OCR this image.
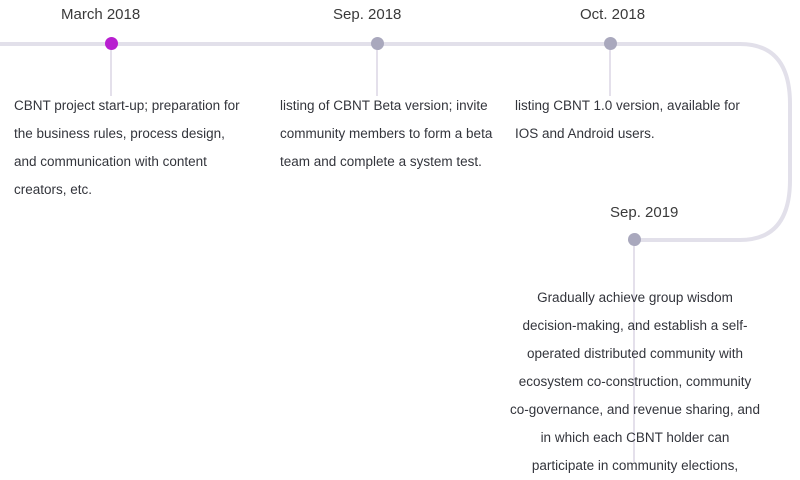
March 2018
CBNT project start-up; preparation for the business rules, process design, and communication with content creators, etc.
Sep. 2018
listing of CBNT Beta version; invite community members to form a beta team and complete a system test.
Oct. 2018
listing CBNT 1.0 version, available for IOS and Android users.
Sep. 2019
Gradually achieve group wisdom decision-making, and establish a self-operated distributed community with ecosystem co-construction, community co-governance, and revenue sharing, and in which each CBNT holder can participate in community elections,
